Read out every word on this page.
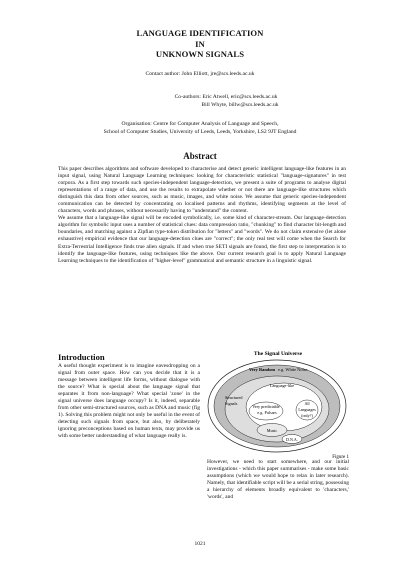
LANGUAGE IDENTIFICATION
IN
UNKNOWN SIGNALS
Contact author: John Elliott, jre@scs.leeds.ac.uk
Co-authors: Eric Atwell, eric@scs.leeds.ac.uk
Bill Whyte, billw@scs.leeds.ac.uk
Organisation: Centre for Computer Analysis of Language and Speech,
School of Computer Studies, University of Leeds, Leeds, Yorkshire, LS2 9JT England
Abstract

This paper describes algorithms and software developed to characterise and detect generic intelligent language-like features in an input signal, using Natural Language Learning techniques: looking for characteristic statistical "language-signatures" in test corpora. As a first step towards such species-independent language-detection, we present a suite of programs to analyse digital representations of a range of data, and use the results to extrapolate whether or not there are language-like structures which distinguish this data from other sources, such as music, images, and white noise. We assume that generic species-independent communication can be detected by concentrating on localised patterns and rhythms, identifying segments at the level of characters, words and phrases, without necessarily having to "understand" the content.

We assume that a language-like signal will be encoded symbolically, i.e. some kind of character-stream. Our language-detection algorithm for symbolic input uses a number of statistical clues: data compression ratio, "chunking" to find character bit-length and boundaries, and matching against a Zipfian type-token distribution for "letters" and "words". We do not claim extensive (let alone exhaustive) empirical evidence that our language-detection clues are "correct"; the only real test will come when the Search for Extra-Terrestrial Intelligence finds true alien signals. If and when true SETI signals are found, the first step to interpretation is to identify the language-like features, using techniques like the above. Our current research goal is to apply Natural Language Learning techniques to the identification of "higher-level" grammatical and semantic structure in a linguistic signal.

Introduction
A useful thought experiment is to imagine eavesdropping on a signal from outer space. How can you decide that it is a message between intelligent life forms, without dialogue with the source? What is special about the language signal that separates it from non-language? What special 'zone' in the signal universe does language occupy? Is it, indeed, separable from other semi-structured sources, such as DNA and music (fig 1). Solving this problem might not only be useful in the event of detecting such signals from space, but also, by deliberately ignoring preconceptions based on human texts, may provide us with some better understanding of what language really is.
The Signal Universe
Very Random e.g. White Noise
Language-like
Structured
Signals
Very predictable
e.g. Pulsars
All
Languages
(only?)
Music
D.N.A.
Figure 1
However, we need to start somewhere, and our initial investigations - which this paper summarises - make some basic assumptions (which we would hope to relax in later research). Namely, that identifiable script will be a serial string, possessing a hierarchy of elements broadly equivalent to 'characters,' 'words', and
1021
